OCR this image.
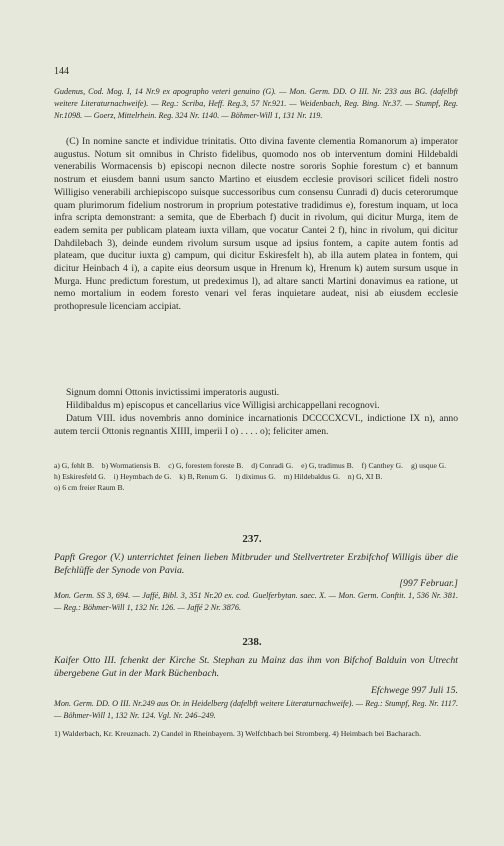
144
Gudenus, Cod. Mog. I, 14 Nr.9 ex apographo veteri genuino (G). — Mon. Germ. DD. O III. Nr. 233 aus BG. (dafelbft weitere Literaturnachweife). — Reg.: Scriba, Heff. Reg.3, 57 Nr.921. — Weidenbach, Reg. Bing. Nr.37. — Stumpf, Reg. Nr.1098. — Goerz, Mittelrhein. Reg. 324 Nr. 1140. — Böhmer-Will 1, 131 Nr. 119.
(C) In nomine sancte et individue trinitatis. Otto divina favente clementia Romanorum a) imperator augustus. Notum sit omnibus in Christo fidelibus, quomodo nos ob interventum domini Hildebaldi venerabilis Wormacensis b) episcopi necnon dilecte nostre sororis Sophie forestum c) et bannum nostrum et eiusdem banni usum sancto Martino et eiusdem ecclesie provisori scilicet fideli nostro Willigiso venerabili archiepiscopo suisque successoribus cum consensu Cunradi d) ducis ceterorumque quam plurimorum fidelium nostrorum in proprium potestative tradidimus e), forestum inquam, ut loca infra scripta demonstrant: a semita, que de Eberbach f) ducit in rivolum, qui dicitur Murga, item de eadem semita per publicam plateam iuxta villam, que vocatur Cantei 2 f), hinc in rivolum, qui dicitur Dahdilebach 3), deinde eundem rivolum sursum usque ad ipsius fontem, a capite autem fontis ad plateam, que ducitur iuxta g) campum, qui dicitur Eskiresfelt h), ab illa autem platea in fontem, qui dicitur Heinbach 4 i), a capite eius deorsum usque in Hrenum k), Hrenum k) autem sursum usque in Murga. Hunc predictum forestum, ut predeximus l), ad altare sancti Martini donavimus ea ratione, ut nemo mortalium in eodem foresto venari vel feras inquietare audeat, nisi ab eiusdem ecclesie prothopresule licenciam accipiat.
Signum domni Ottonis invictissimi imperatoris augusti.
Hildibaldus m) episcopus et cancellarius vice Willigisi archicappellani recognovi.
Datum VIII. idus novembris anno dominice incarnationis DCCCCXCVI., indictione IX n), anno autem tercii Ottonis regnantis XIIII, imperii I o) . . . . o); feliciter amen.
a) G, fehlt B. b) Wormatiensis B. c) G, forestem foreste B. d) Conradi G. e) G, tradimus B. f) Canthey G. g) usque G. h) Eskiresfeld G. i) Heymbach de G. k) B, Renum G. l) diximus G. m) Hildebaldus G. n) G, XI B. o) 6 cm freier Raum B.
237.
Papft Gregor (V.) unterrichtet feinen lieben Mitbruder und Stellvertreter Erzbifchof Willigis über die Befchlüffe der Synode von Pavia.
[997 Februar.]
Mon. Germ. SS 3, 694. — Jaffé, Bibl. 3, 351 Nr.20 ex. cod. Guelferbytan. saec. X. — Mon. Germ. Conftit. 1, 536 Nr. 381. — Reg.: Böhmer-Will 1, 132 Nr. 126. — Jaffé 2 Nr. 3876.
238.
Kaifer Otto III. fchenkt der Kirche St. Stephan zu Mainz das ihm von Bifchof Balduin von Utrecht übergebene Gut in der Mark Büchenbach.
Efchwege 997 Juli 15.
Mon. Germ. DD. O III. Nr.249 aus Or. in Heidelberg (dafelbft weitere Literaturnachweife). — Reg.: Stumpf, Reg. Nr. 1117. — Böhmer-Will 1, 132 Nr. 124. Vgl. Nr. 246–249.
1) Walderbach, Kr. Kreuznach. 2) Candel in Rheinbayern. 3) Welfchbach bei Stromberg. 4) Heimbach bei Bacharach.
